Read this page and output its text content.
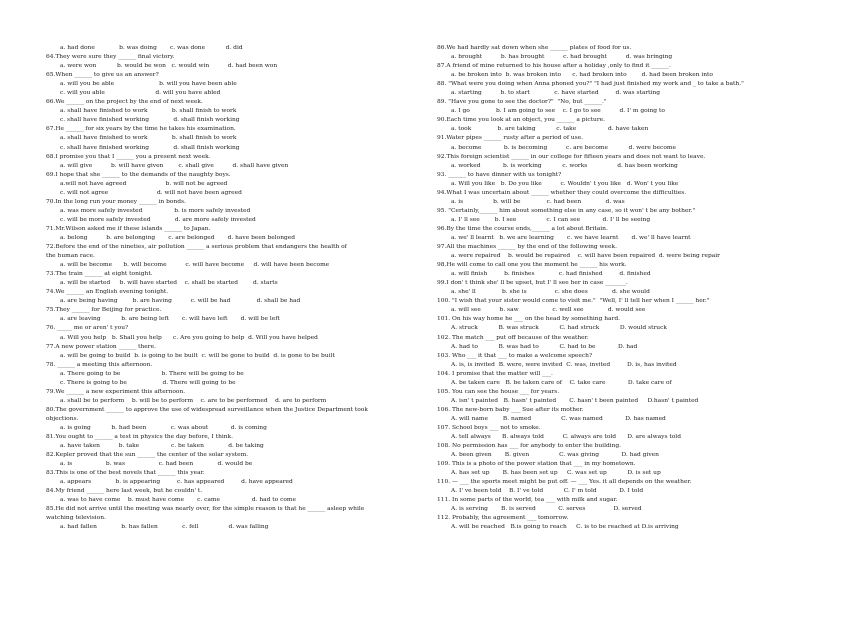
a. had done             b. was doing       c. was done           d. did
64.They were sure they ______ final victory.
a. were won           b. would be won   c. would win          d. had been won
65.When ______ to give us an answer?
a. will you be able                        b. will you have been able
c. will you able                           d. will you have abled
66.We ______ on the project by the end of next week.
a. shall have finished to work             b. shall finish to work
c. shall have finished working             d. shall finish working
67.He ______ for six years by the time he takes his examination.
a. shall have finished to work             b. shall finish to work
c. shall have finished working             d. shall finish working
68.I promise you that I ______ you a present next week.
a. will give          b. will have given        c. shall give          d. shall have given
69.I hope that she ______ to the demands of the naughty boys.
a.will not have agreed                     b. will not be agreed
c. will not agree                          d. will not have been agreed
70.In the long run your money ______ in bonds.
a. was more safely invested                 b. is more safely invested
c. will be more safely invested             d. are more safely invested
71.Mr.Wilson asked me if these islands ______ to Japan.
a. belong          b. are belonging       c. are belonged       d. have been belonged
72.Before the end of the nineties, air pollution ______ a serious problem that endangers the health of
the human race.
a. will be become      b. will become          c. will have become     d. will have been become
73.The train ______ at eight tonight.
a. will be started     b. will have started    c. shall be started        d. starts
74.We ______ an English evening tonight.
a. are being having        b. are having          c. will be had              d. shall be had
75.They ______ for Beijing for practice.
a. are leaving           b. are being left       c. will have left       d. will be left
76. _____ me or aren' t you?
a. Will you help   b. Shall you help      c. Are you going to help  d. Will you have helped
77.A new power station ______ there.
a. will be going to build  b. is going to be built  c. will be gone to build  d. is gone to be built
78. ______ a meeting this afternoon.
a. There going to be                      b. There will be going to be
c. There is going to be                   d. There will going to be
79.We ______ a new experiment this afternoon.
a. shall be to perform    b. will be to perform    c. are to be performed    d. are to perform
80.The government ______ to approve the use of widespread surveillance when the Justice Department took
objections.
a. is going           b. had been             c. was about            d. is coming
81.You ought to ______ a test in physics the day before, I think.
a. have taken          b. take                 c. be taken             d. be taking
82.Kepler proved that the sun ______ the center of the solar system.
a. is                  b. was                  c. had been             d. would be
83.This is one of the best novels that ______ this year.
a. appears             b. is appearing         c. has appeared         d. have appeared
84.My friend ______ here last week, but he couldn' t.
a. was to have come    b. must have come       c. came                 d. had to come
85.He did not arrive until the meeting was nearly over, for the simple reason is that he ______ asleep while
watching television.
a. had fallen             b. has fallen             c. fell                d. was falling
86.We had hardly sat down when she ______ plates of food for us.
a. brought          b. has brought          c. had brought          d. was bringing
87.A friend of mine returned to his house after a holiday ,only to find it ______.
a. be broken into  b. was broken into      c. had broken into        d. had been broken into
88. "What were you doing when Anna phoned you?" "I had just finished my work and _ to take a bath."
a. starting          b. to start             c. have started         d. was starting
89. "Have you gone to see the doctor?"  "No, but ______."
a. I go              b. I am going to see    c. I go to see          d. I' m going to
90.Each time you look at an object, you ______ a picture.
a. took              b. are taking           c. take                 d. have taken
91.Water pipes ______ rusty after a period of use.
a. become            b. is becoming          c. are become           d. were become
92.This foreign scientist ______ in our college for fifteen years and does not want to leave.
a. worked            b. is working           c. works                d. has been working
93. ______ to have dinner with us tonight?
a. Will you like   b. Do you like          c. Wouldn' t you like   d. Won' t you like
94.What I was uncertain about ______ whether they could overcome the difficulties.
a. is                b. will be              c. had been             d. was
95. "Certainly,______ him about something else in any case, so it won' t be any bother."
a. I' ll see        b. I see                c. I can see            d. I' ll be seeing
96.By the time the course ends,______ a lot about Britain.
a. we' ll learnt   b. we are learning       c. we have learnt       d. we' ll have learnt
97.All the machines ______ by the end of the following week.
a. were repaired    b. would be repaired    c. will have been repaired  d. were being repair
98.He will come to call one you the moment he ______ his work.
a. will finish         b. finishes             c. had finished         d. finished
99.I don' t think she' ll be upset, but I' ll see her in case _______.
a. she' ll              b. she is               c. she does             d. she would
100. "I wish that your sister would come to visit me."  "Well, I' ll tell her when I ______ her."
a. will see          b. saw                  c. well see             d. would see
101. On his way home he ___ on the head by something hard.
A. struck           B. was struck           C. had struck           D. would struck
102. The match ___ put off because of the weather.
A. had to           B. was had to           C. had to be            D. had
103. Who ___ it that ___ to make a welcome speech?
A. is, is invited  B. were, were invited  C. was, invited         D. is, has invited
104. I promise that the matter will ___.
A. be taken care   B. be taken care of    C. take care            D. take care of
105. You can see the house ___ for years.
A. isn' t painted   B. hasn' t painted       C. hasn' t been painted     D.hasn' t painted
106. The new-born baby ___ Sue after its mother.
A. will name        B. named                C. was named            D. has named
107. School boys ___ not to smoke.
A. tell always      B. always told          C. always are told      D. are always told
108. No permission has ___ for anybody to enter the building.
A. been given       B. given                C. was giving            D. had given
109. This is a photo of the power station that ___ in my hometown.
A. has set up       B. has been set up     C. was set up           D. is set up
110. — ___ the sports meet might be put off. — ___ Yes. it all depends on the weather.
A. I' ve been told    B. I' ve told           C. I' m told            D. I told
111. In some parts of the world, tea ___ with milk and sugar.
A. is serving       B. is served            C. serves               D. served
112. Probably, the agreement ___ tomorrow.
A. will be reached   B.is going to reach     C. is to be reached at D.is arriving
